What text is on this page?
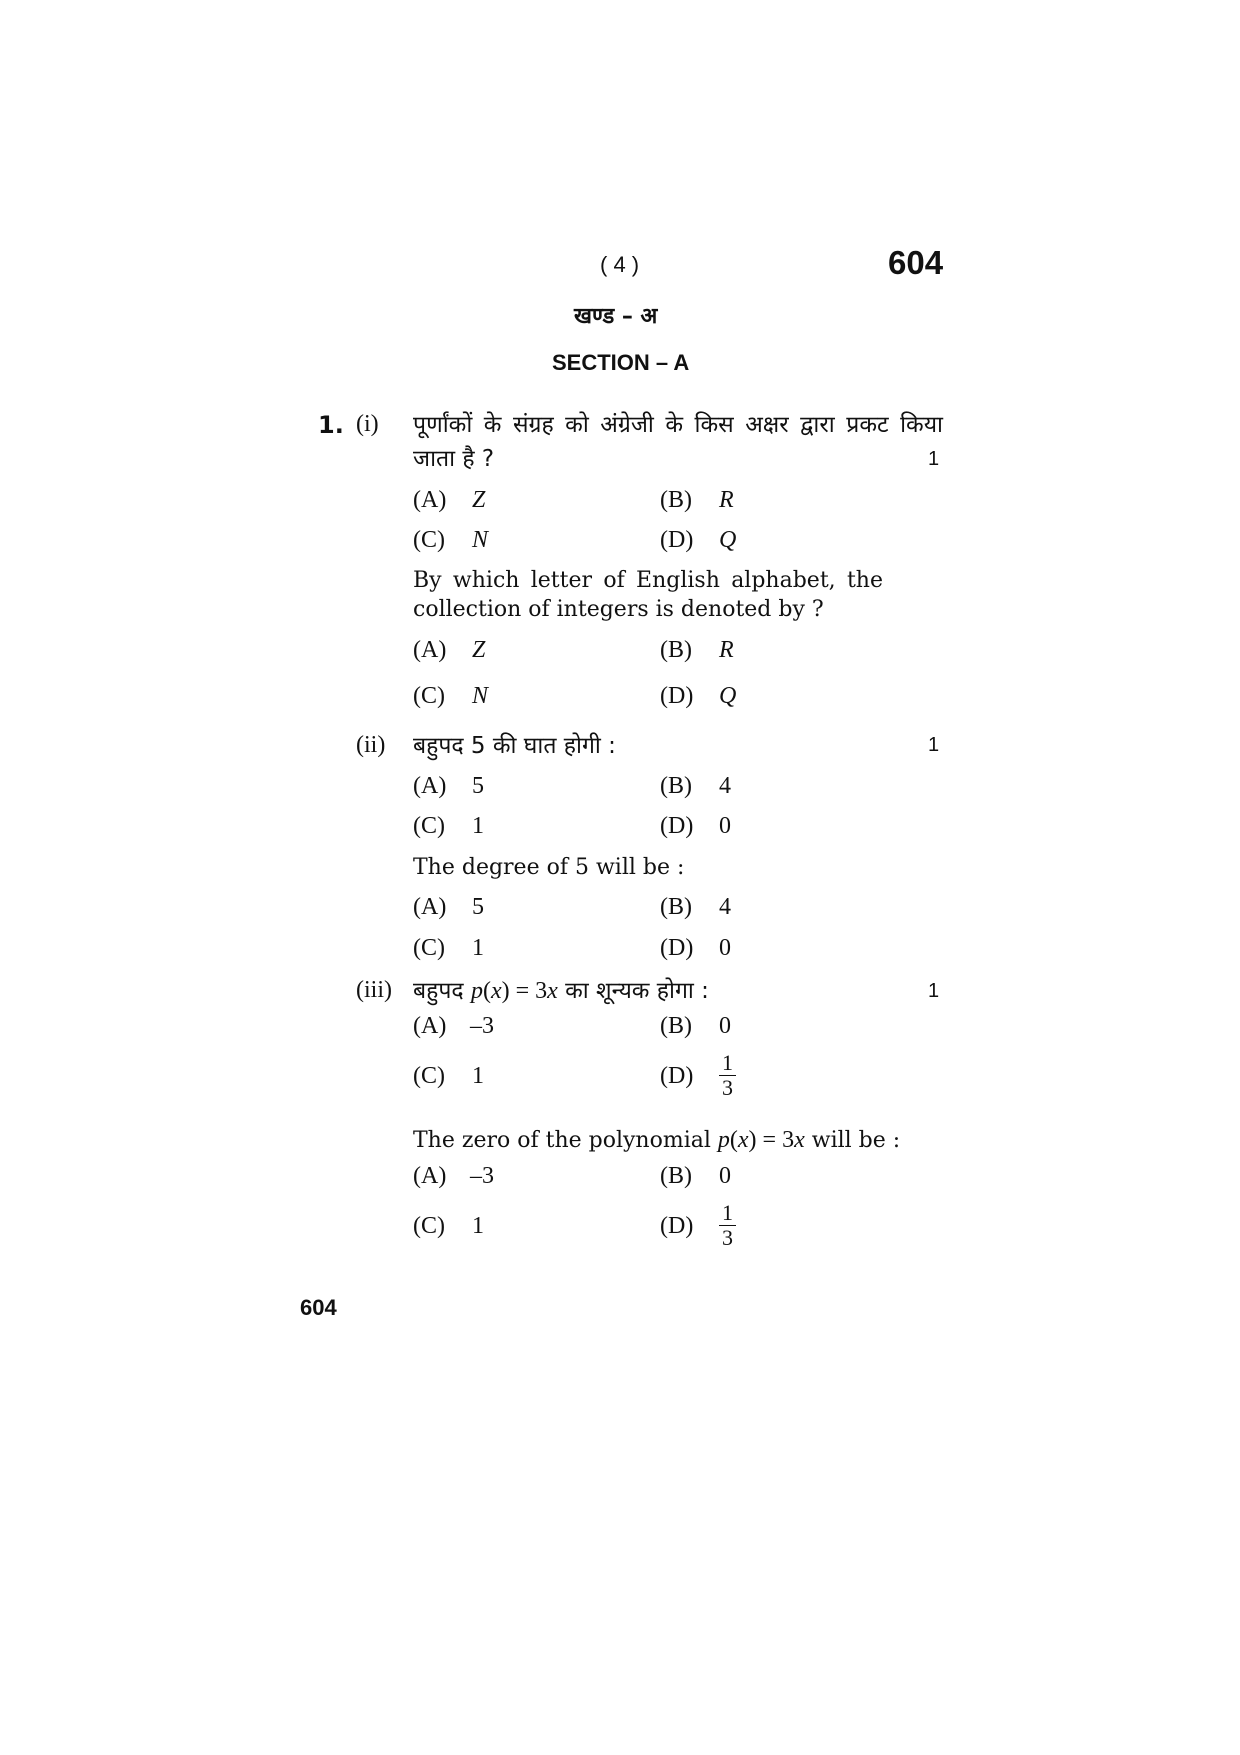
( 4 )	604
खण्ड – अ
SECTION – A
1. (i) पूर्णांकों के संग्रह को अंग्रेजी के किस अक्षर द्वारा प्रकट किया
जाता है ?	1
(A) Z	(B) R
(C) N	(D) Q
By which letter of English alphabet, the collection of integers is denoted by ?
(A) Z	(B) R
(C) N	(D) Q
(ii) बहुपद 5 की घात होगी :	1
(A) 5	(B) 4
(C) 1	(D) 0
The degree of 5 will be :
(A) 5	(B) 4
(C) 1	(D) 0
(iii) बहुपद p(x) = 3x का शून्यक होगा :	1
(A) –3	(B) 0
(C) 1	$(D) \frac{1}{3}$
The zero of the polynomial p(x) = 3x will be :
(A) –3	(B) 0
(C) 1	$(D) \frac{1}{3}$
604
